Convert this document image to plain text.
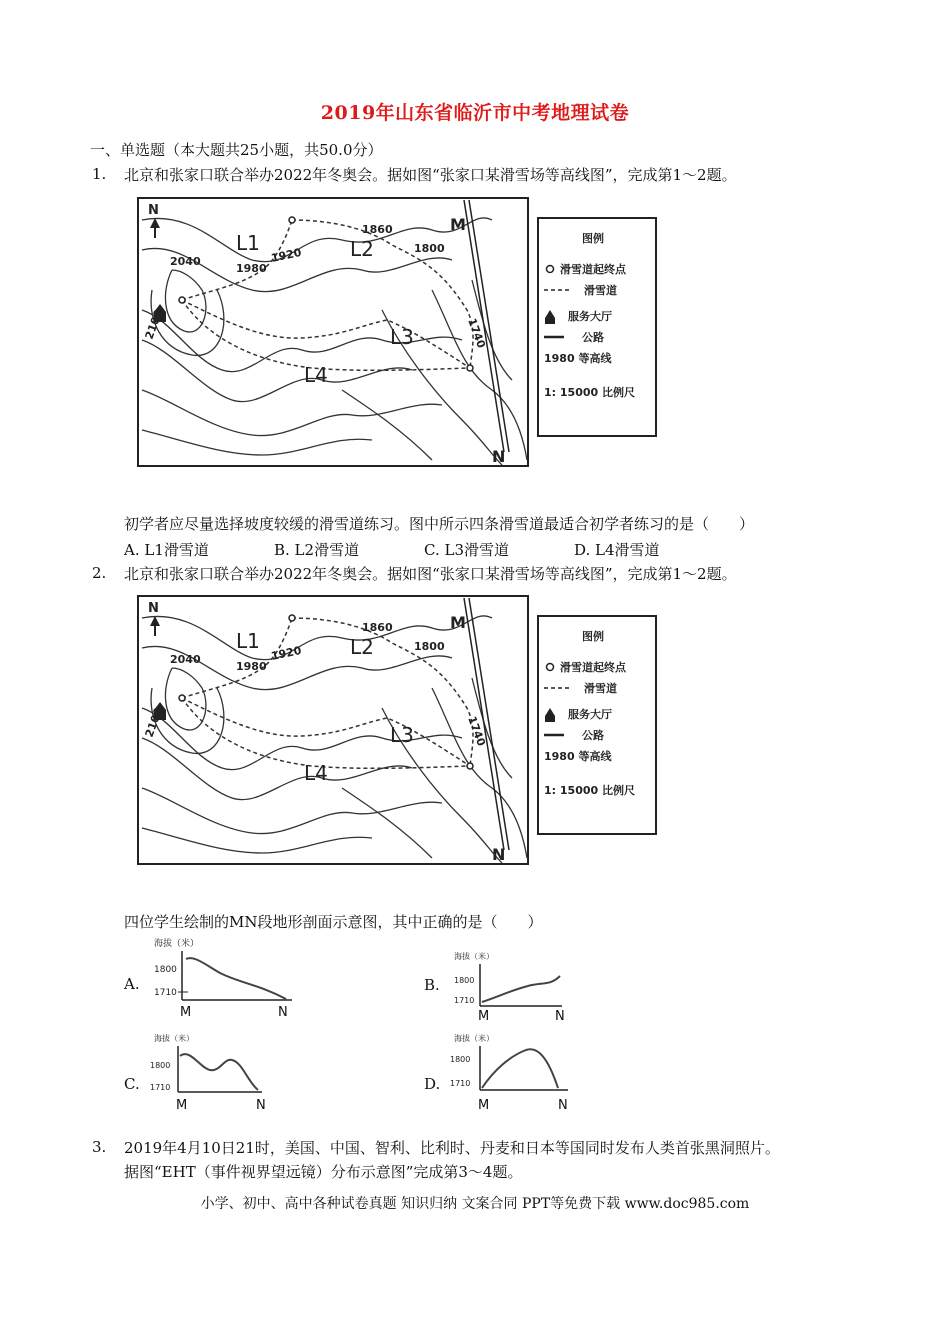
2019年山东省临沂市中考地理试卷
一、单选题（本大题共25小题，共50.0分）
1. 北京和张家口联合举办2022年冬奥会。据如图“张家口某滑雪场等高线图”，完成第1～2题。
N
2040
2100
1980
1920
1860
1800
1740
L1	L2
L3
L4
M
N
图例
滑雪道起终点
滑雪道
服务大厅
公路
1980 等高线
1: 15000 比例尺
初学者应尽量选择坡度较缓的滑雪道练习。图中所示四条滑雪道最适合初学者练习的是（　　）
A. L1滑雪道	B. L2滑雪道	C. L3滑雪道	D. L4滑雪道
2. 北京和张家口联合举办2022年冬奥会。据如图“张家口某滑雪场等高线图”，完成第1～2题。
N
2040
2100
1980
1920
1860
1800
1740
L1	L2
L3
L4
M
N
图例
滑雪道起终点
滑雪道
服务大厅
公路
1980 等高线
1: 15000 比例尺
四位学生绘制的MN段地形剖面示意图，其中正确的是（　　）
A.
海拔（米）
1800
1710
M	N
B.
海拔（米）
1800
1710
M	N
C.
海拔（米）
1800
1710
M	N
D.
海拔（米）
1800
1710
M	N
3. 2019年4月10日21时，美国、中国、智利、比利时、丹麦和日本等国同时发布人类首张黑洞照片。
据图“EHT（事件视界望远镜）分布示意图”完成第3～4题。
小学、初中、高中各种试卷真题 知识归纳 文案合同 PPT等免费下载 www.doc985.com
